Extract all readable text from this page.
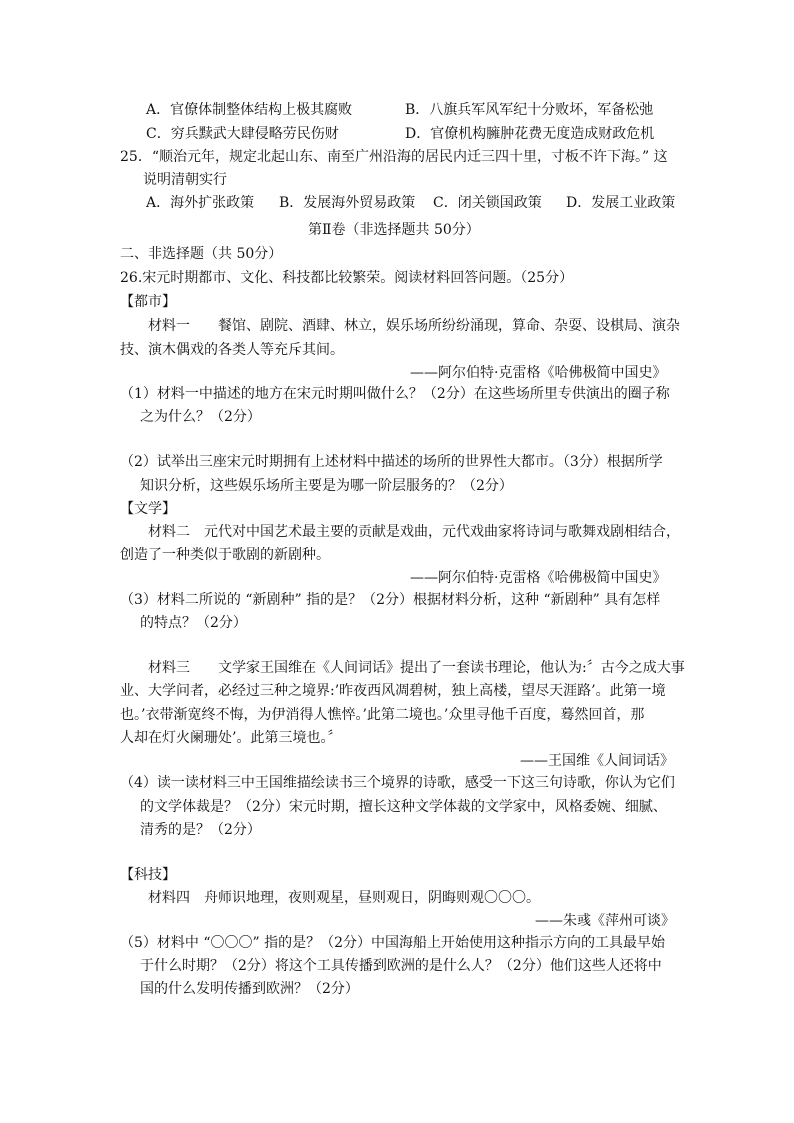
A．官僚体制整体结构上极其腐败	B．八旗兵军风军纪十分败坏，军备松弛
C．穷兵黩武大肆侵略劳民伤财	D．官僚机构臃肿花费无度造成财政危机
25．“顺治元年，规定北起山东、南至广州沿海的居民内迁三四十里，寸板不许下海。” 这
说明清朝实行
A．海外扩张政策 B．发展海外贸易政策 C．闭关锁国政策 D．发展工业政策
第Ⅱ卷（非选择题共 50分）
二、非选择题（共 50分）
26.宋元时期都市、文化、科技都比较繁荣。阅读材料回答问题。（25分）
【都市】
材料一　　餐馆、剧院、酒肆、林立，娱乐场所纷纷涌现，算命、杂耍、设棋局、演杂
技、演木偶戏的各类人等充斥其间。
——阿尔伯特·克雷格《哈佛极简中国史》
（1）材料一中描述的地方在宋元时期叫做什么？（2分）在这些场所里专供演出的圈子称
之为什么？（2分）
（2）试举出三座宋元时期拥有上述材料中描述的场所的世界性大都市。（3分）根据所学
知识分析，这些娱乐场所主要是为哪一阶层服务的？（2分）
【文学】
材料二　元代对中国艺术最主要的贡献是戏曲，元代戏曲家将诗词与歌舞戏剧相结合，
创造了一种类似于歌剧的新剧种。
——阿尔伯特·克雷格《哈佛极简中国史》
（3）材料二所说的 “新剧种” 指的是？（2分）根据材料分析，这种 “新剧种” 具有怎样
的特点？（2分）
材料三　　文学家王国维在《人间词话》提出了一套读书理论，他认为:〞古今之成大事
业、大学问者，必经过三种之境界:’昨夜西风凋碧树，独上高楼，望尽天涯路’。此第一境
也。’衣带渐宽终不悔，为伊消得人憔悴。’此第二境也。’众里寻他千百度，蓦然回首，那
人却在灯火阑珊处’。此第三境也。〞
——王国维《人间词话》
（4）读一读材料三中王国维描绘读书三个境界的诗歌，感受一下这三句诗歌，你认为它们
的文学体裁是？（2分）宋元时期，擅长这种文学体裁的文学家中，风格委婉、细腻、
清秀的是？（2分）
【科技】
材料四　舟师识地理，夜则观星，昼则观日，阴晦则观〇〇〇。
——朱彧《萍州可谈》
（5）材料中 “〇〇〇” 指的是？（2分）中国海船上开始使用这种指示方向的工具最早始
于什么时期？（2分）将这个工具传播到欧洲的是什么人？（2分）他们这些人还将中
国的什么发明传播到欧洲？（2分）
